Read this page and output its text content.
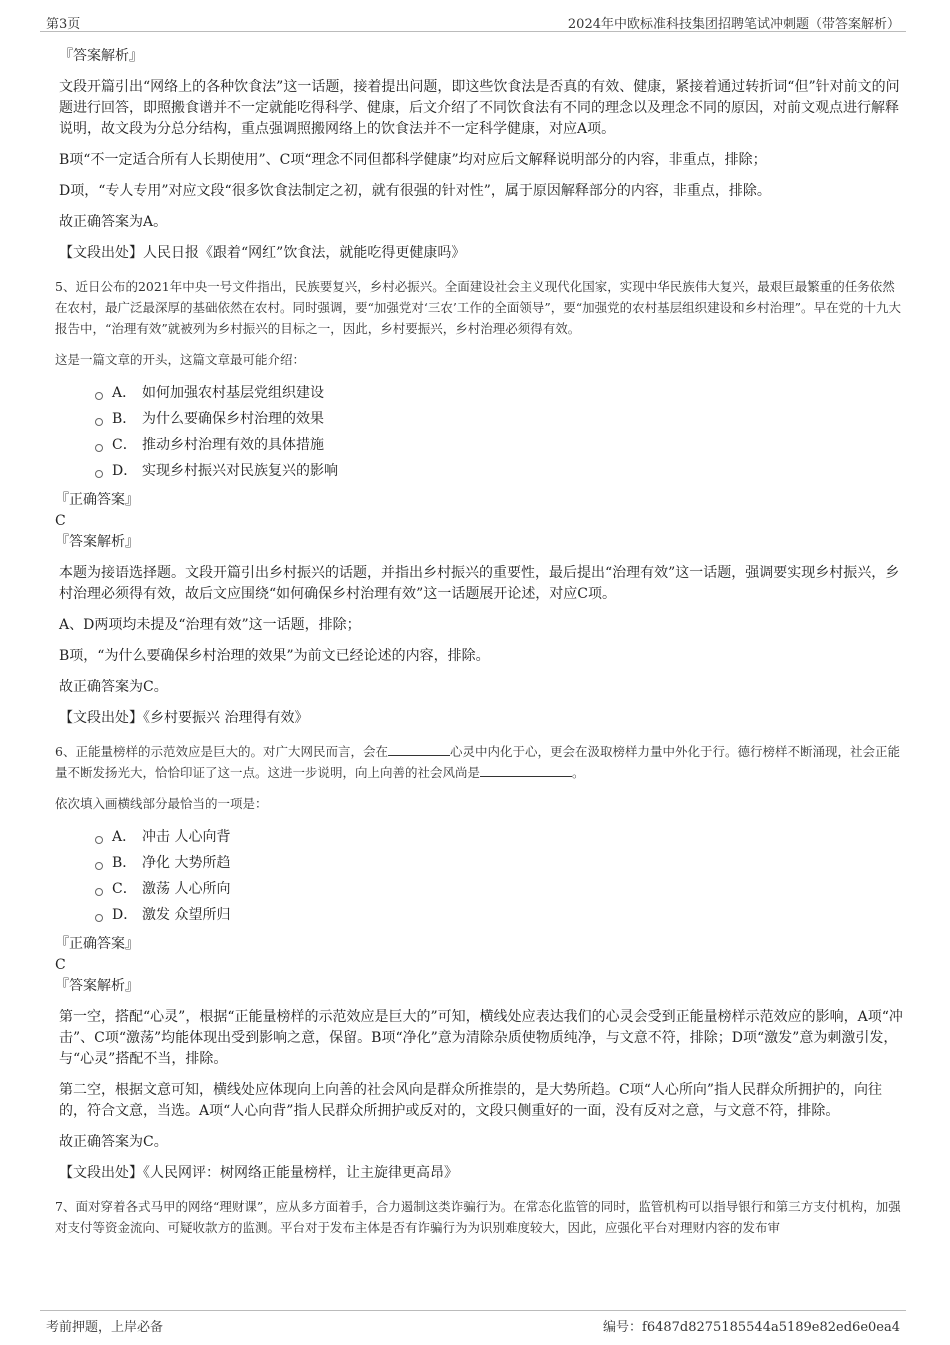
第3页	2024年中欧标准科技集团招聘笔试冲刺题（带答案解析）

『答案解析』

文段开篇引出“网络上的各种饮食法”这一话题，接着提出问题，即这些饮食法是否真的有效、健康，紧接着通过转折词“但”针对前文的问题进行回答，即照搬食谱并不一定就能吃得科学、健康，后文介绍了不同饮食法有不同的理念以及理念不同的原因，对前文观点进行解释说明，故文段为分总分结构，重点强调照搬网络上的饮食法并不一定科学健康，对应A项。

B项“不一定适合所有人长期使用”、C项“理念不同但都科学健康”均对应后文解释说明部分的内容，非重点，排除；

D项，“专人专用”对应文段“很多饮食法制定之初，就有很强的针对性”，属于原因解释部分的内容，非重点，排除。

故正确答案为A。

【文段出处】人民日报《跟着“网红”饮食法，就能吃得更健康吗》

5、近日公布的2021年中央一号文件指出，民族要复兴，乡村必振兴。全面建设社会主义现代化国家，实现中华民族伟大复兴，最艰巨最繁重的任务依然在农村，最广泛最深厚的基础依然在农村。同时强调，要“加强党对‘三农’工作的全面领导”，要“加强党的农村基层组织建设和乡村治理”。早在党的十九大报告中，“治理有效”就被列为乡村振兴的目标之一，因此，乡村要振兴，乡村治理必须得有效。

这是一篇文章的开头，这篇文章最可能介绍：

A． 如何加强农村基层党组织建设
B． 为什么要确保乡村治理的效果
C． 推动乡村治理有效的具体措施
D． 实现乡村振兴对民族复兴的影响

『正确答案』

C

『答案解析』

本题为接语选择题。文段开篇引出乡村振兴的话题，并指出乡村振兴的重要性，最后提出“治理有效”这一话题，强调要实现乡村振兴，乡村治理必须得有效，故后文应围绕“如何确保乡村治理有效”这一话题展开论述，对应C项。

A、D两项均未提及“治理有效”这一话题，排除；

B项，“为什么要确保乡村治理的效果”为前文已经论述的内容，排除。

故正确答案为C。

【文段出处】《乡村要振兴 治理得有效》

6、正能量榜样的示范效应是巨大的。对广大网民而言，会在	心灵中内化于心，更会在汲取榜样力量中外化于行。德行榜样不断涌现，社会正能量不断发扬光大，恰恰印证了这一点。这进一步说明，向上向善的社会风尚是	。

依次填入画横线部分最恰当的一项是：

A． 冲击 人心向背
B． 净化 大势所趋
C． 激荡 人心所向
D． 激发 众望所归

『正确答案』

C

『答案解析』

第一空，搭配“心灵”，根据“正能量榜样的示范效应是巨大的”可知，横线处应表达我们的心灵会受到正能量榜样示范效应的影响，A项“冲击”、C项“激荡”均能体现出受到影响之意，保留。B项“净化”意为清除杂质使物质纯净，与文意不符，排除；D项“激发”意为刺激引发，与“心灵”搭配不当，排除。

第二空，根据文意可知，横线处应体现向上向善的社会风向是群众所推崇的，是大势所趋。C项“人心所向”指人民群众所拥护的，向往的，符合文意，当选。A项“人心向背”指人民群众所拥护或反对的，文段只侧重好的一面，没有反对之意，与文意不符，排除。

故正确答案为C。

【文段出处】《人民网评：树网络正能量榜样，让主旋律更高昂》

7、面对穿着各式马甲的网络“理财课”，应从多方面着手，合力遏制这类诈骗行为。在常态化监管的同时，监管机构可以指导银行和第三方支付机构，加强对支付等资金流向、可疑收款方的监测。平台对于发布主体是否有诈骗行为为识别难度较大，因此，应强化平台对理财内容的发布审

考前押题，上岸必备	编号：f6487d8275185544a5189e82ed6e0ea4
